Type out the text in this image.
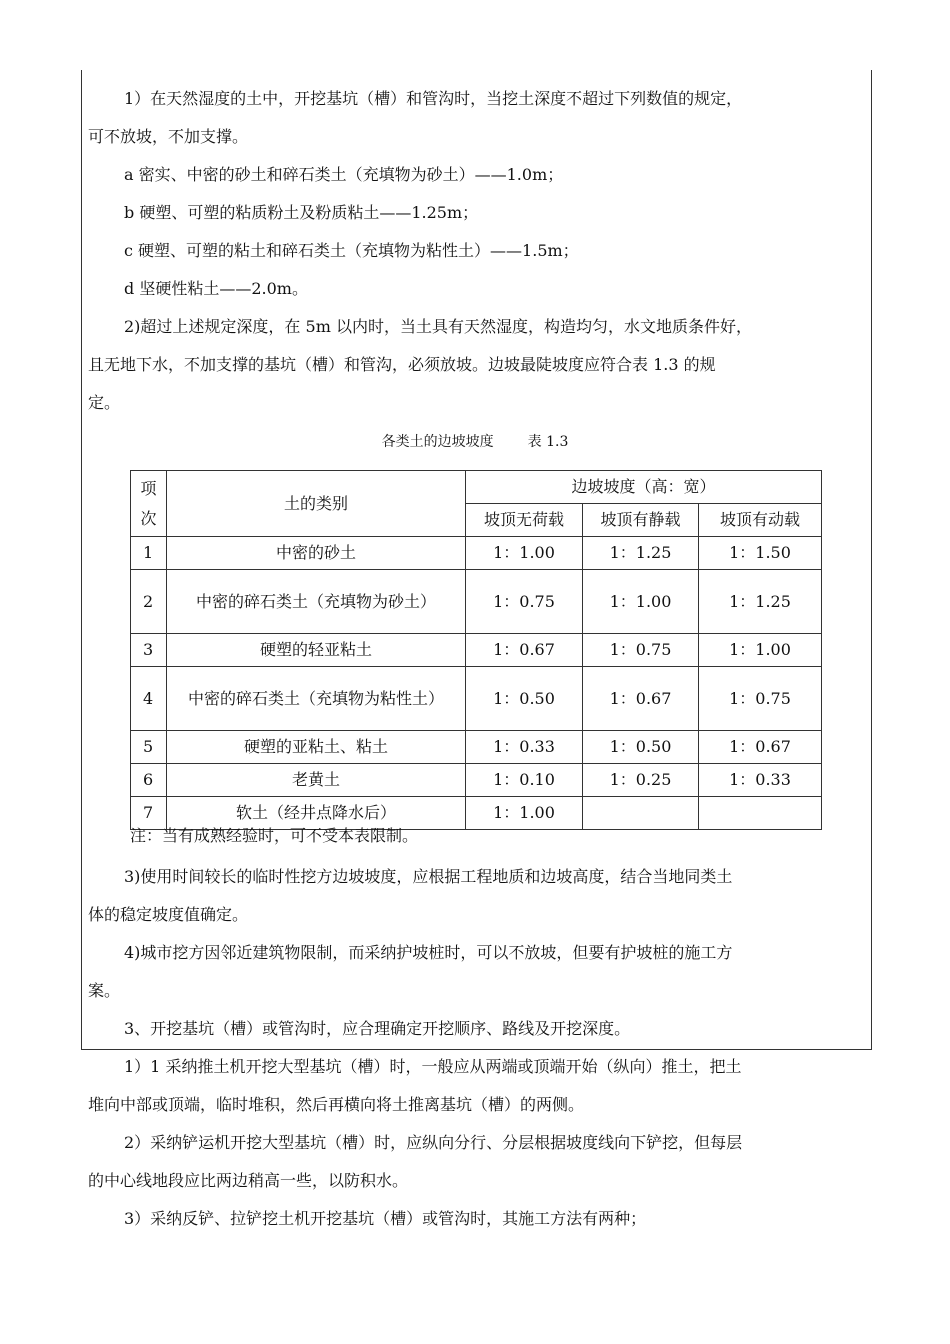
1）在天然湿度的土中，开挖基坑（槽）和管沟时，当挖土深度不超过下列数值的规定，
可不放坡，不加支撑。
a 密实、中密的砂土和碎石类土（充填物为砂土）——1.0m；
b 硬塑、可塑的粘质粉土及粉质粘土——1.25m；
c 硬塑、可塑的粘土和碎石类土（充填物为粘性土）——1.5m；
d 坚硬性粘土——2.0m。
2)超过上述规定深度，在 5m 以内时，当土具有天然湿度，构造均匀，水文地质条件好，
且无地下水，不加支撑的基坑（槽）和管沟，必须放坡。边坡最陡坡度应符合表 1.3 的规
定。
各类土的边坡坡度 表 1.3
项
次	土的类别	边坡坡度（高：宽）		
		坡顶无荷载	坡顶有静载	坡顶有动载
1	中密的砂土	1：1.00	1：1.25	1：1.50
2	中密的碎石类土（充填物为砂土）	1：0.75	1：1.00	1：1.25
3	硬塑的轻亚粘土	1：0.67	1：0.75	1：1.00
4	中密的碎石类土（充填物为粘性土）	1：0.50	1：0.67	1：0.75
5	硬塑的亚粘土、粘土	1：0.33	1：0.50	1：0.67
6	老黄土	1：0.10	1：0.25	1：0.33
7	软土（经井点降水后）	1：1.00		
注：当有成熟经验时，可不受本表限制。
3)使用时间较长的临时性挖方边坡坡度，应根据工程地质和边坡高度，结合当地同类土
体的稳定坡度值确定。
4)城市挖方因邻近建筑物限制，而采纳护坡桩时，可以不放坡，但要有护坡桩的施工方
案。
3、开挖基坑（槽）或管沟时，应合理确定开挖顺序、路线及开挖深度。
1）1 采纳推土机开挖大型基坑（槽）时，一般应从两端或顶端开始（纵向）推土，把土
堆向中部或顶端，临时堆积，然后再横向将土推离基坑（槽）的两侧。
2）采纳铲运机开挖大型基坑（槽）时，应纵向分行、分层根据坡度线向下铲挖，但每层
的中心线地段应比两边稍高一些，以防积水。
3）采纳反铲、拉铲挖土机开挖基坑（槽）或管沟时，其施工方法有两种；
